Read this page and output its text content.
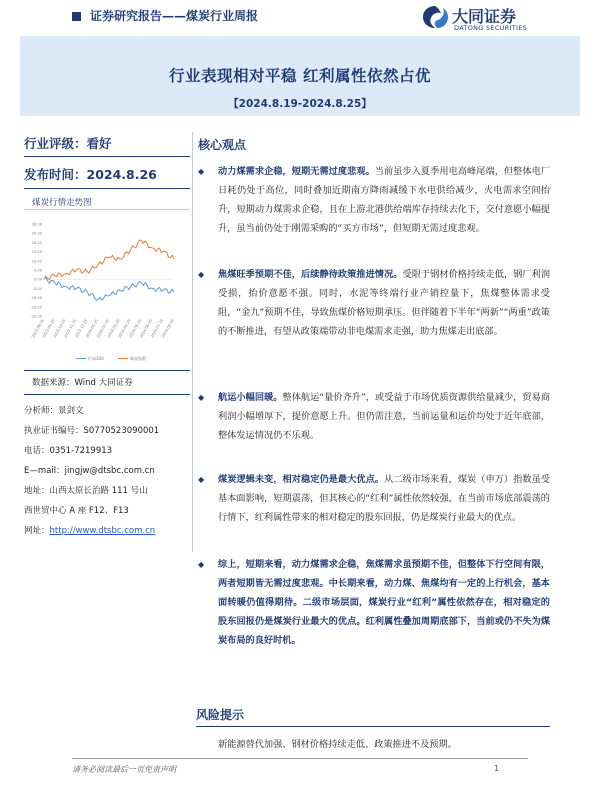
证券研究报告——煤炭行业周报	大同证券
DATONG SECURITIES
行业表现相对平稳 红利属性依然占优
【2024.8.19-2024.8.25】
行业评级：看好
发布时间：2024.8.26
煤炭行情走势图
30.00
25.00
20.00
15.00
10.00
5.00
0.00
-5.00
-10.00
-15.00
-20.00
2023-08-25
2023-09-25
2023-10-25
2023-11-25
2023-12-25
2024-01-25
2024-02-25
2024-03-25
2024-04-25
2024-05-25
2024-06-25
2024-07-25
2024-08-25
沪深300	煤炭指数
数据来源：Wind 大同证券
分析师：景剑文
执业证书编号：S0770523090001
电话：0351-7219913
E—mail：jingjw@dtsbc.com.cn
地址：山西太原长治路 111 号山
西世贸中心 A 座 F12、F13
网址：http://www.dtsbc.com.cn
核心观点
◆	动力煤需求企稳，短期无需过度悲观。当前虽步入夏季用电高峰尾端，但整体电厂日耗仍处于高位，同时叠加近期南方降雨减缓下水电供给减少，火电需求空间抬升，短期动力煤需求企稳，且在上游北港供给端库存持续去化下，交付意愿小幅提升，虽当前仍处于刚需采购的“买方市场”，但短期无需过度悲观。
◆	焦煤旺季预期不佳，后续静待政策推进情况。受限于钢材价格持续走低，钢厂利润受损，抬价意愿不强。同时，水泥等终端行业产销控量下，焦煤整体需求受阻，“金九”预期不佳，导致焦煤价格短期承压。但伴随着下半年“两新”“两重”政策的不断推进，有望从政策端带动非电煤需求走强，助力焦煤走出底部。
◆	航运小幅回暖。整体航运“量价齐升”，或受益于市场优质资源供给量减少，贸易商利润小幅增厚下，提价意愿上升。但仍需注意，当前运量和运价均处于近年底部，整体发运情况仍不乐观。
◆	煤炭逻辑未变，相对稳定仍是最大优点。从二级市场来看，煤炭（申万）指数虽受基本面影响，短期震荡，但其核心的“红利”属性依然较强，在当前市场底部震荡的行情下，红利属性带来的相对稳定的股东回报，仍是煤炭行业最大的优点。
◆	综上，短期来看，动力煤需求企稳，焦煤需求虽预期不佳，但整体下行空间有限，两者短期皆无需过度悲观。中长期来看，动力煤、焦煤均有一定的上行机会，基本面转暖仍值得期待。二级市场层面，煤炭行业“红利”属性依然存在，相对稳定的股东回报仍是煤炭行业最大的优点。红利属性叠加周期底部下，当前或仍不失为煤炭布局的良好时机。
风险提示
新能源替代加强、钢材价格持续走低、政策推进不及预期。
请务必阅读最后一页免责声明	1
